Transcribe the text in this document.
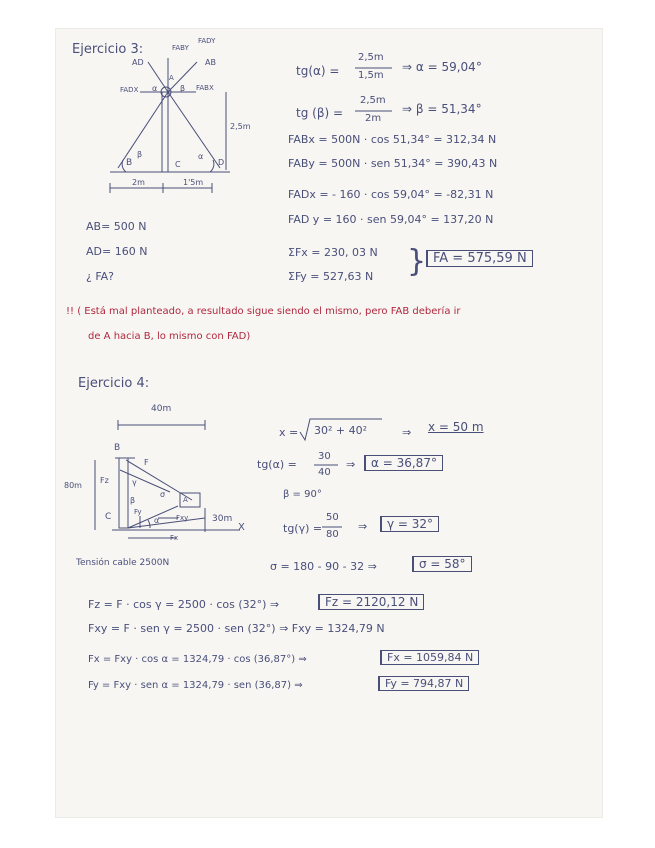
Ejercicio 3:
FADY
FABY
AD	AB
FADX	FABX
A
α	β
B
β
C
α
D
2,5m
2m	1'5m
AB= 500 N
AD= 160 N
¿ FA?
tg(α) =
2,5m
1,5m
⇒ α = 59,04°
tg (β) =
2,5m
2m
⇒ β = 51,34°
FABx = 500N · cos 51,34° = 312,34 N
FABy = 500N · sen 51,34° = 390,43 N
FADx = - 160 · cos 59,04° = -82,31 N
FAD y = 160 · sen 59,04° = 137,20 N
ΣFx = 230, 03 N
ΣFy = 527,63 N } FA = 575,59 N
!! ( Está mal planteado, a resultado sigue siendo el mismo, pero FAB debería ir
de A hacia B, lo mismo con FAD)
Ejercicio 4:
40m
80m
30m
B
C
F
Fz	γ
β
Fy
Fxy
Fx
X
σ
α
A
Tensión cable 2500N
x = 30² + 40²	⇒ x = 50 m
tg(α) =
30
40
⇒	α = 36,87°
β = 90°
tg(γ) =
50
80
⇒	γ = 32°
σ = 180 - 90 - 32 ⇒	σ = 58°
Fz = F · cos γ = 2500 · cos (32°) ⇒	Fz = 2120,12 N
Fxy = F · sen γ = 2500 · sen (32°) ⇒ Fxy = 1324,79 N
Fx = Fxy · cos α = 1324,79 · cos (36,87°) ⇒	Fx = 1059,84 N
Fy = Fxy · sen α = 1324,79 · sen (36,87) ⇒	Fy = 794,87 N
